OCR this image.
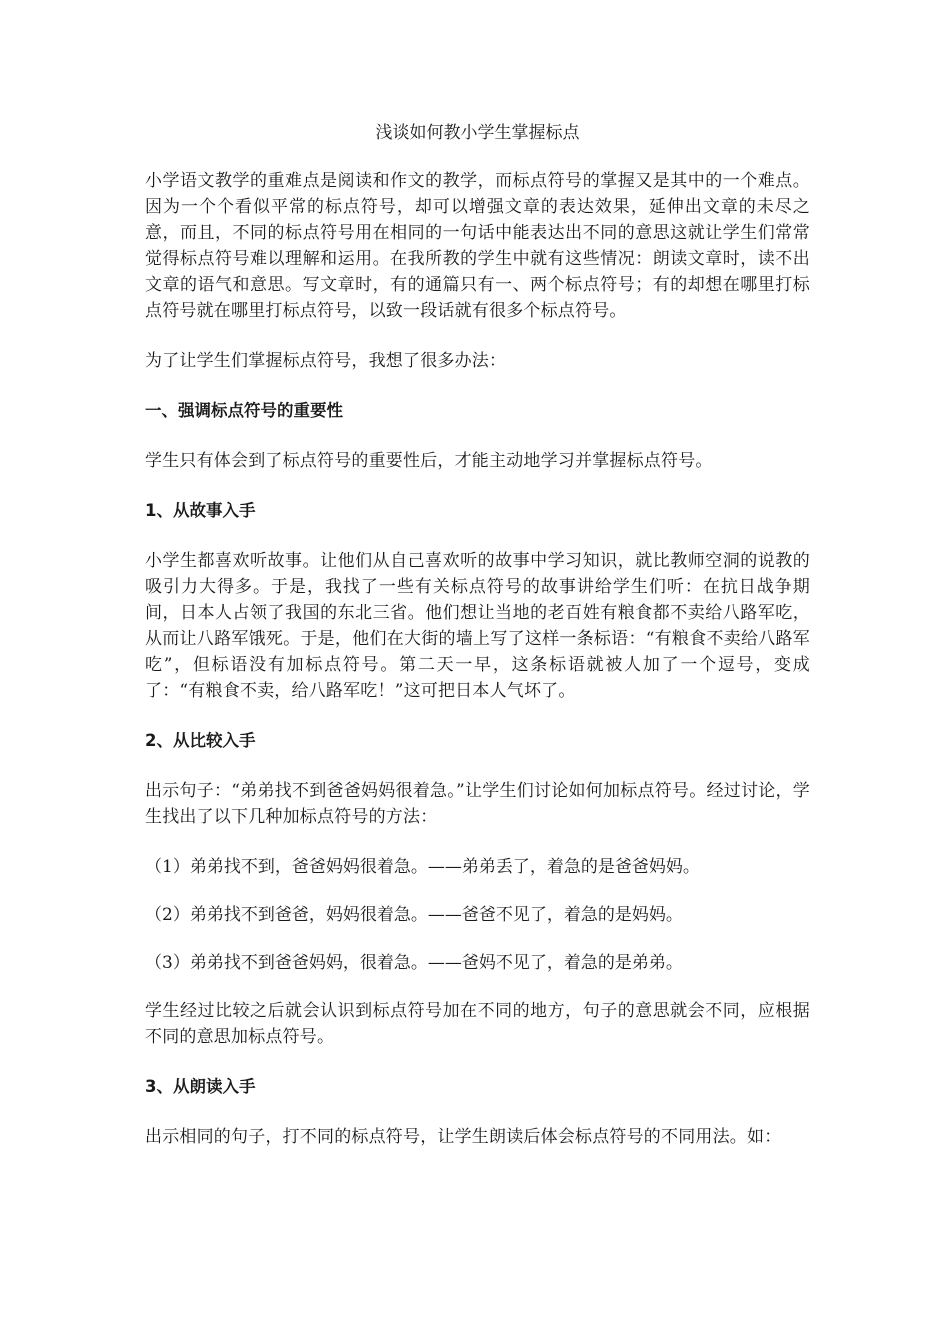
浅谈如何教小学生掌握标点

小学语文教学的重难点是阅读和作文的教学，而标点符号的掌握又是其中的一个难点。因为一个个看似平常的标点符号，却可以增强文章的表达效果，延伸出文章的未尽之意，而且，不同的标点符号用在相同的一句话中能表达出不同的意思这就让学生们常常觉得标点符号难以理解和运用。在我所教的学生中就有这些情况：朗读文章时，读不出文章的语气和意思。写文章时，有的通篇只有一、两个标点符号；有的却想在哪里打标点符号就在哪里打标点符号，以致一段话就有很多个标点符号。

为了让学生们掌握标点符号，我想了很多办法：

一、强调标点符号的重要性

学生只有体会到了标点符号的重要性后，才能主动地学习并掌握标点符号。

1、从故事入手

小学生都喜欢听故事。让他们从自己喜欢听的故事中学习知识，就比教师空洞的说教的吸引力大得多。于是，我找了一些有关标点符号的故事讲给学生们听：在抗日战争期间，日本人占领了我国的东北三省。他们想让当地的老百姓有粮食都不卖给八路军吃，从而让八路军饿死。于是，他们在大街的墙上写了这样一条标语：“有粮食不卖给八路军吃”，但标语没有加标点符号。第二天一早，这条标语就被人加了一个逗号，变成了：“有粮食不卖，给八路军吃！”这可把日本人气坏了。

2、从比较入手

出示句子：“弟弟找不到爸爸妈妈很着急。”让学生们讨论如何加标点符号。经过讨论，学生找出了以下几种加标点符号的方法：

（1）弟弟找不到，爸爸妈妈很着急。——弟弟丢了，着急的是爸爸妈妈。
（2）弟弟找不到爸爸，妈妈很着急。——爸爸不见了，着急的是妈妈。
（3）弟弟找不到爸爸妈妈，很着急。——爸妈不见了，着急的是弟弟。

学生经过比较之后就会认识到标点符号加在不同的地方，句子的意思就会不同，应根据不同的意思加标点符号。

3、从朗读入手

出示相同的句子，打不同的标点符号，让学生朗读后体会标点符号的不同用法。如：
